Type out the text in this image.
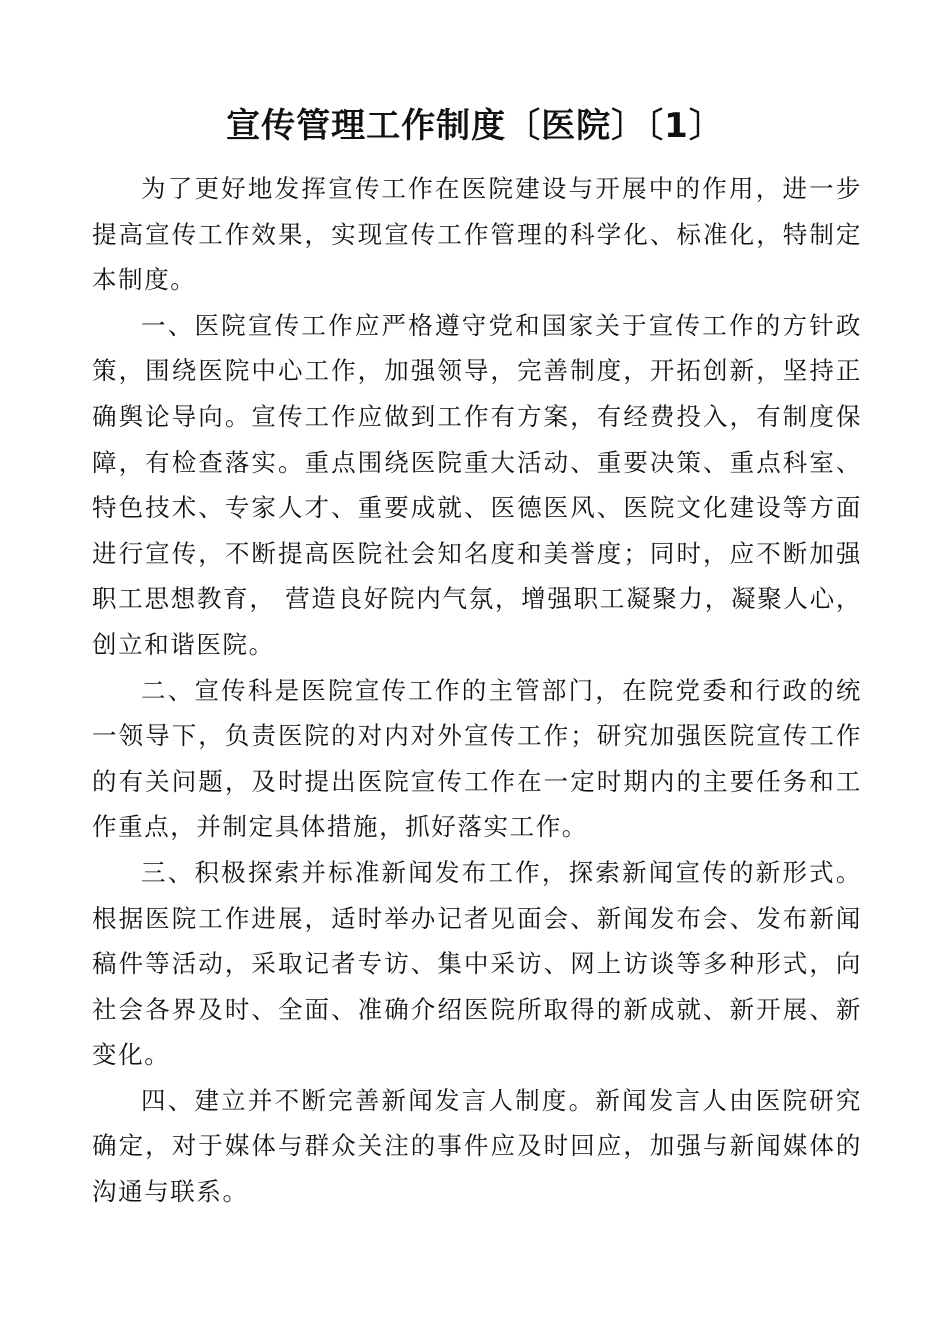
宣传管理工作制度〔医院〕〔1〕

为了更好地发挥宣传工作在医院建设与开展中的作用，进一步提高宣传工作效果，实现宣传工作管理的科学化、标准化，特制定本制度。

一、医院宣传工作应严格遵守党和国家关于宣传工作的方针政策，围绕医院中心工作，加强领导，完善制度，开拓创新，坚持正确舆论导向。宣传工作应做到工作有方案，有经费投入，有制度保障，有检查落实。重点围绕医院重大活动、重要决策、重点科室、特色技术、专家人才、重要成就、医德医风、医院文化建设等方面进行宣传，不断提高医院社会知名度和美誉度；同时，应不断加强职工思想教育， 营造良好院内气氛，增强职工凝聚力，凝聚人心，创立和谐医院。

二、宣传科是医院宣传工作的主管部门，在院党委和行政的统一领导下，负责医院的对内对外宣传工作；研究加强医院宣传工作的有关问题，及时提出医院宣传工作在一定时期内的主要任务和工作重点，并制定具体措施，抓好落实工作。

三、积极探索并标准新闻发布工作，探索新闻宣传的新形式。根据医院工作进展，适时举办记者见面会、新闻发布会、发布新闻稿件等活动，采取记者专访、集中采访、网上访谈等多种形式，向社会各界及时、全面、准确介绍医院所取得的新成就、新开展、新变化。

四、建立并不断完善新闻发言人制度。新闻发言人由医院研究确定，对于媒体与群众关注的事件应及时回应，加强与新闻媒体的沟通与联系。
